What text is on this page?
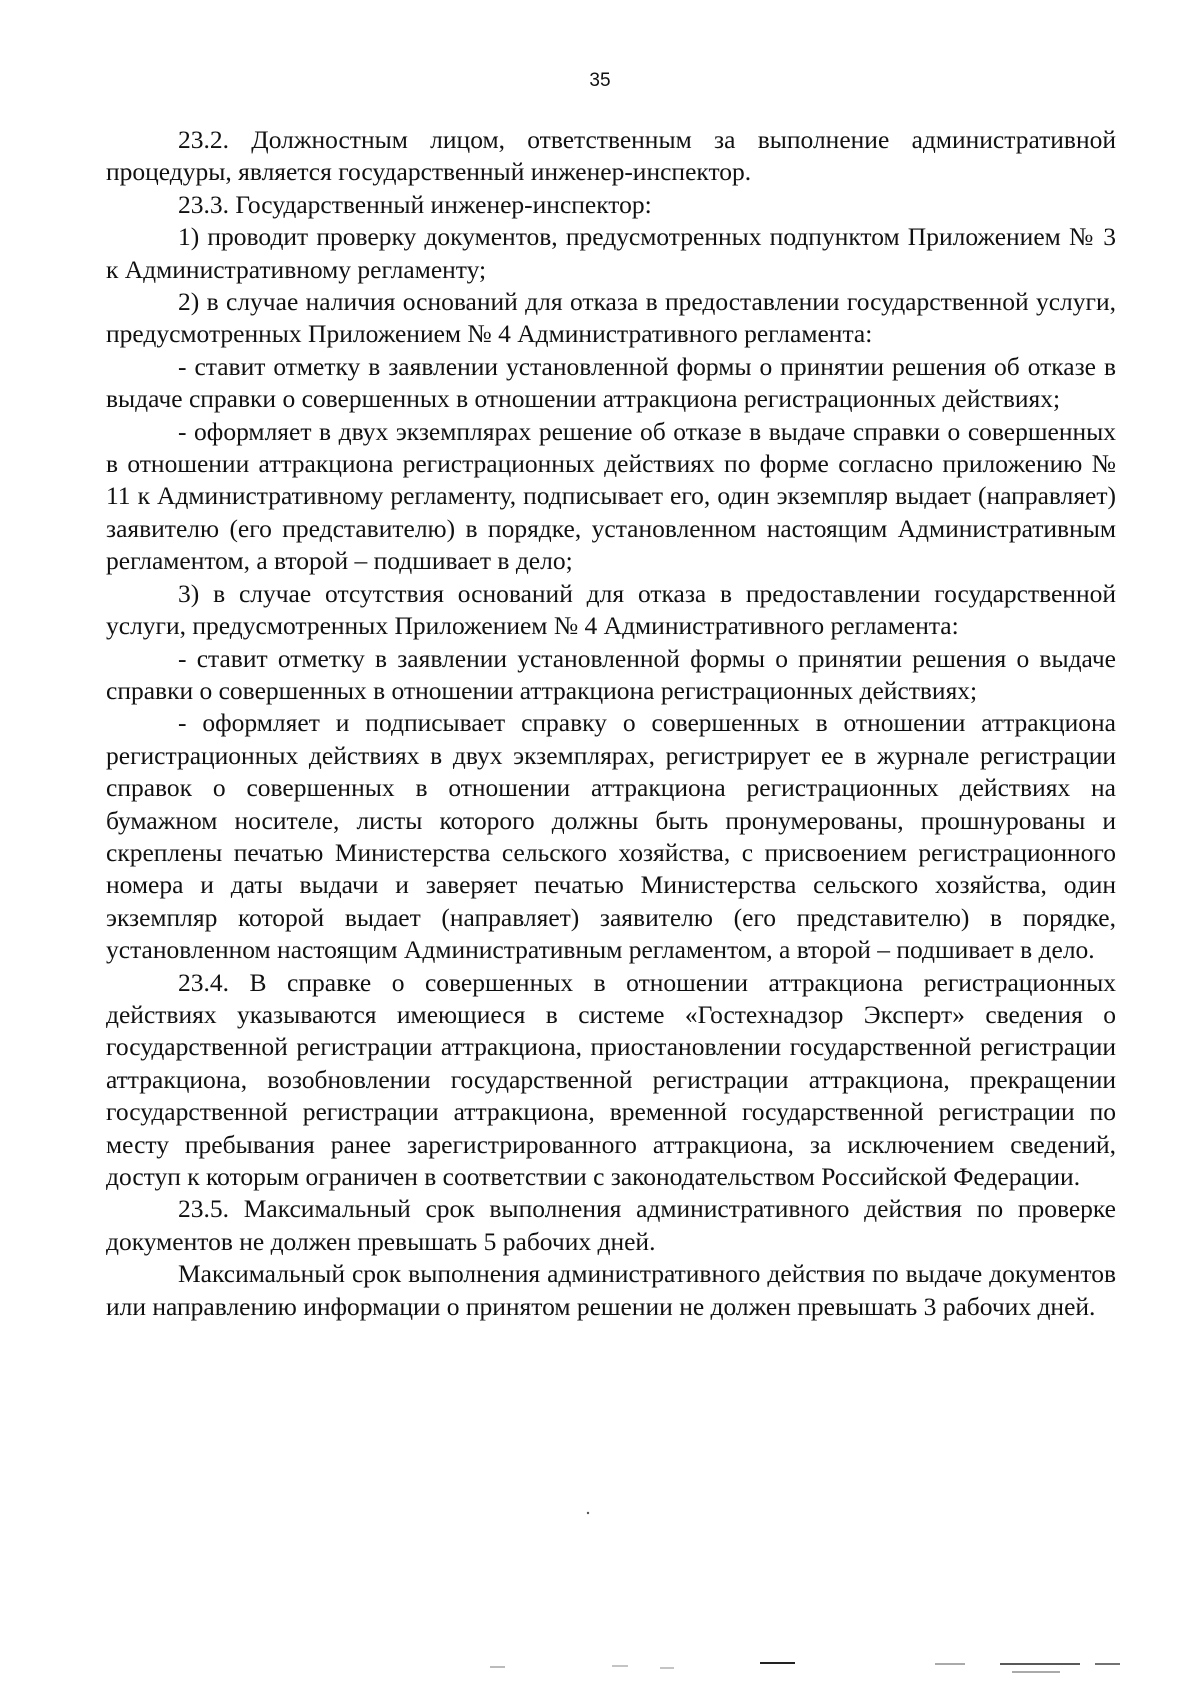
35

23.2. Должностным лицом, ответственным за выполнение административной процедуры, является государственный инженер-инспектор.

23.3. Государственный инженер-инспектор:

1) проводит проверку документов, предусмотренных подпунктом Приложением № 3 к Административному регламенту;

2) в случае наличия оснований для отказа в предоставлении государственной услуги, предусмотренных Приложением № 4 Административного регламента:

- ставит отметку в заявлении установленной формы о принятии решения об отказе в выдаче справки о совершенных в отношении аттракциона регистрационных действиях;

- оформляет в двух экземплярах решение об отказе в выдаче справки о совершенных в отношении аттракциона регистрационных действиях по форме согласно приложению № 11 к Административному регламенту, подписывает его, один экземпляр выдает (направляет) заявителю (его представителю) в порядке, установленном настоящим Административным регламентом, а второй – подшивает в дело;

3) в случае отсутствия оснований для отказа в предоставлении государственной услуги, предусмотренных Приложением № 4 Административного регламента:

- ставит отметку в заявлении установленной формы о принятии решения о выдаче справки о совершенных в отношении аттракциона регистрационных действиях;

- оформляет и подписывает справку о совершенных в отношении аттракциона регистрационных действиях в двух экземплярах, регистрирует ее в журнале регистрации справок о совершенных в отношении аттракциона регистрационных действиях на бумажном носителе, листы которого должны быть пронумерованы, прошнурованы и скреплены печатью Министерства сельского хозяйства, с присвоением регистрационного номера и даты выдачи и заверяет печатью Министерства сельского хозяйства, один экземпляр которой выдает (направляет) заявителю (его представителю) в порядке, установленном настоящим Административным регламентом, а второй – подшивает в дело.

23.4. В справке о совершенных в отношении аттракциона регистрационных действиях указываются имеющиеся в системе «Гостехнадзор Эксперт» сведения о государственной регистрации аттракциона, приостановлении государственной регистрации аттракциона, возобновлении государственной регистрации аттракциона, прекращении государственной регистрации аттракциона, временной государственной регистрации по месту пребывания ранее зарегистрированного аттракциона, за исключением сведений, доступ к которым ограничен в соответствии с законодательством Российской Федерации.

23.5. Максимальный срок выполнения административного действия по проверке документов не должен превышать 5 рабочих дней.

Максимальный срок выполнения административного действия по выдаче документов или направлению информации о принятом решении не должен превышать 3 рабочих дней.
